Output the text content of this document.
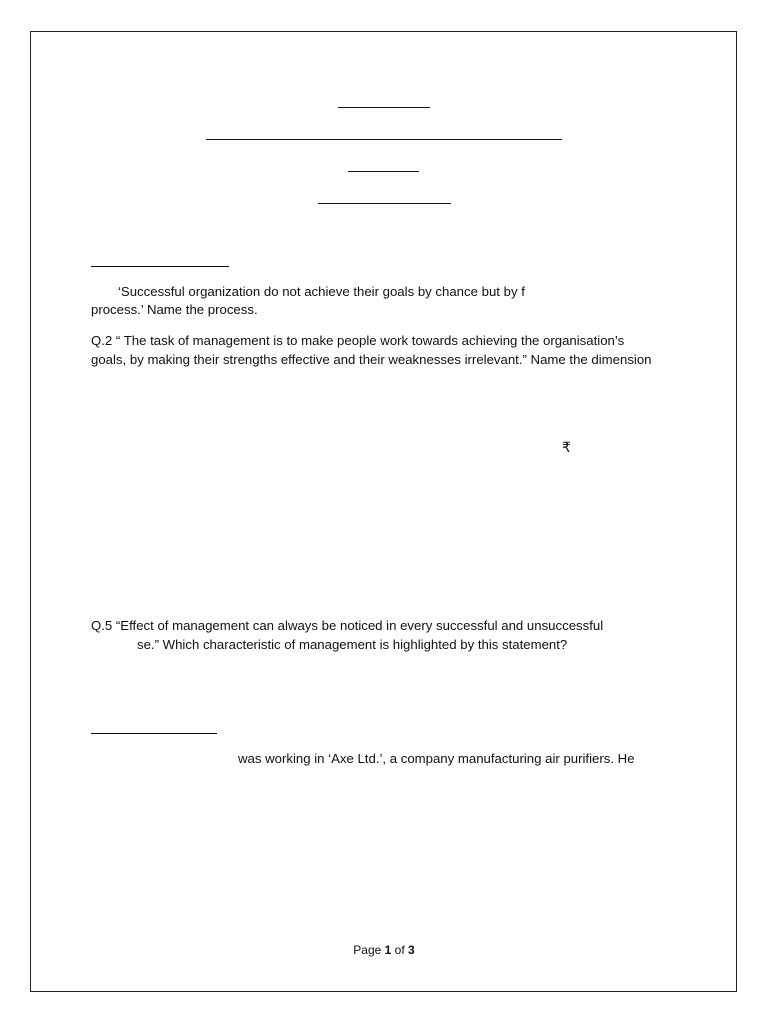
‘Successful organization do not achieve their goals by chance but by f
process.’ Name the process.
Q.2 “ The task of management is to make people work towards achieving the organisation’s
goals, by making their strengths effective and their weaknesses irrelevant.” Name the dimension
₹
Q.5 “Effect of management can always be noticed in every successful and unsuccessful
se.” Which characteristic of management is highlighted by this statement?
was working in ‘Axe Ltd.’, a company manufacturing air purifiers. He
Page 1 of 3
